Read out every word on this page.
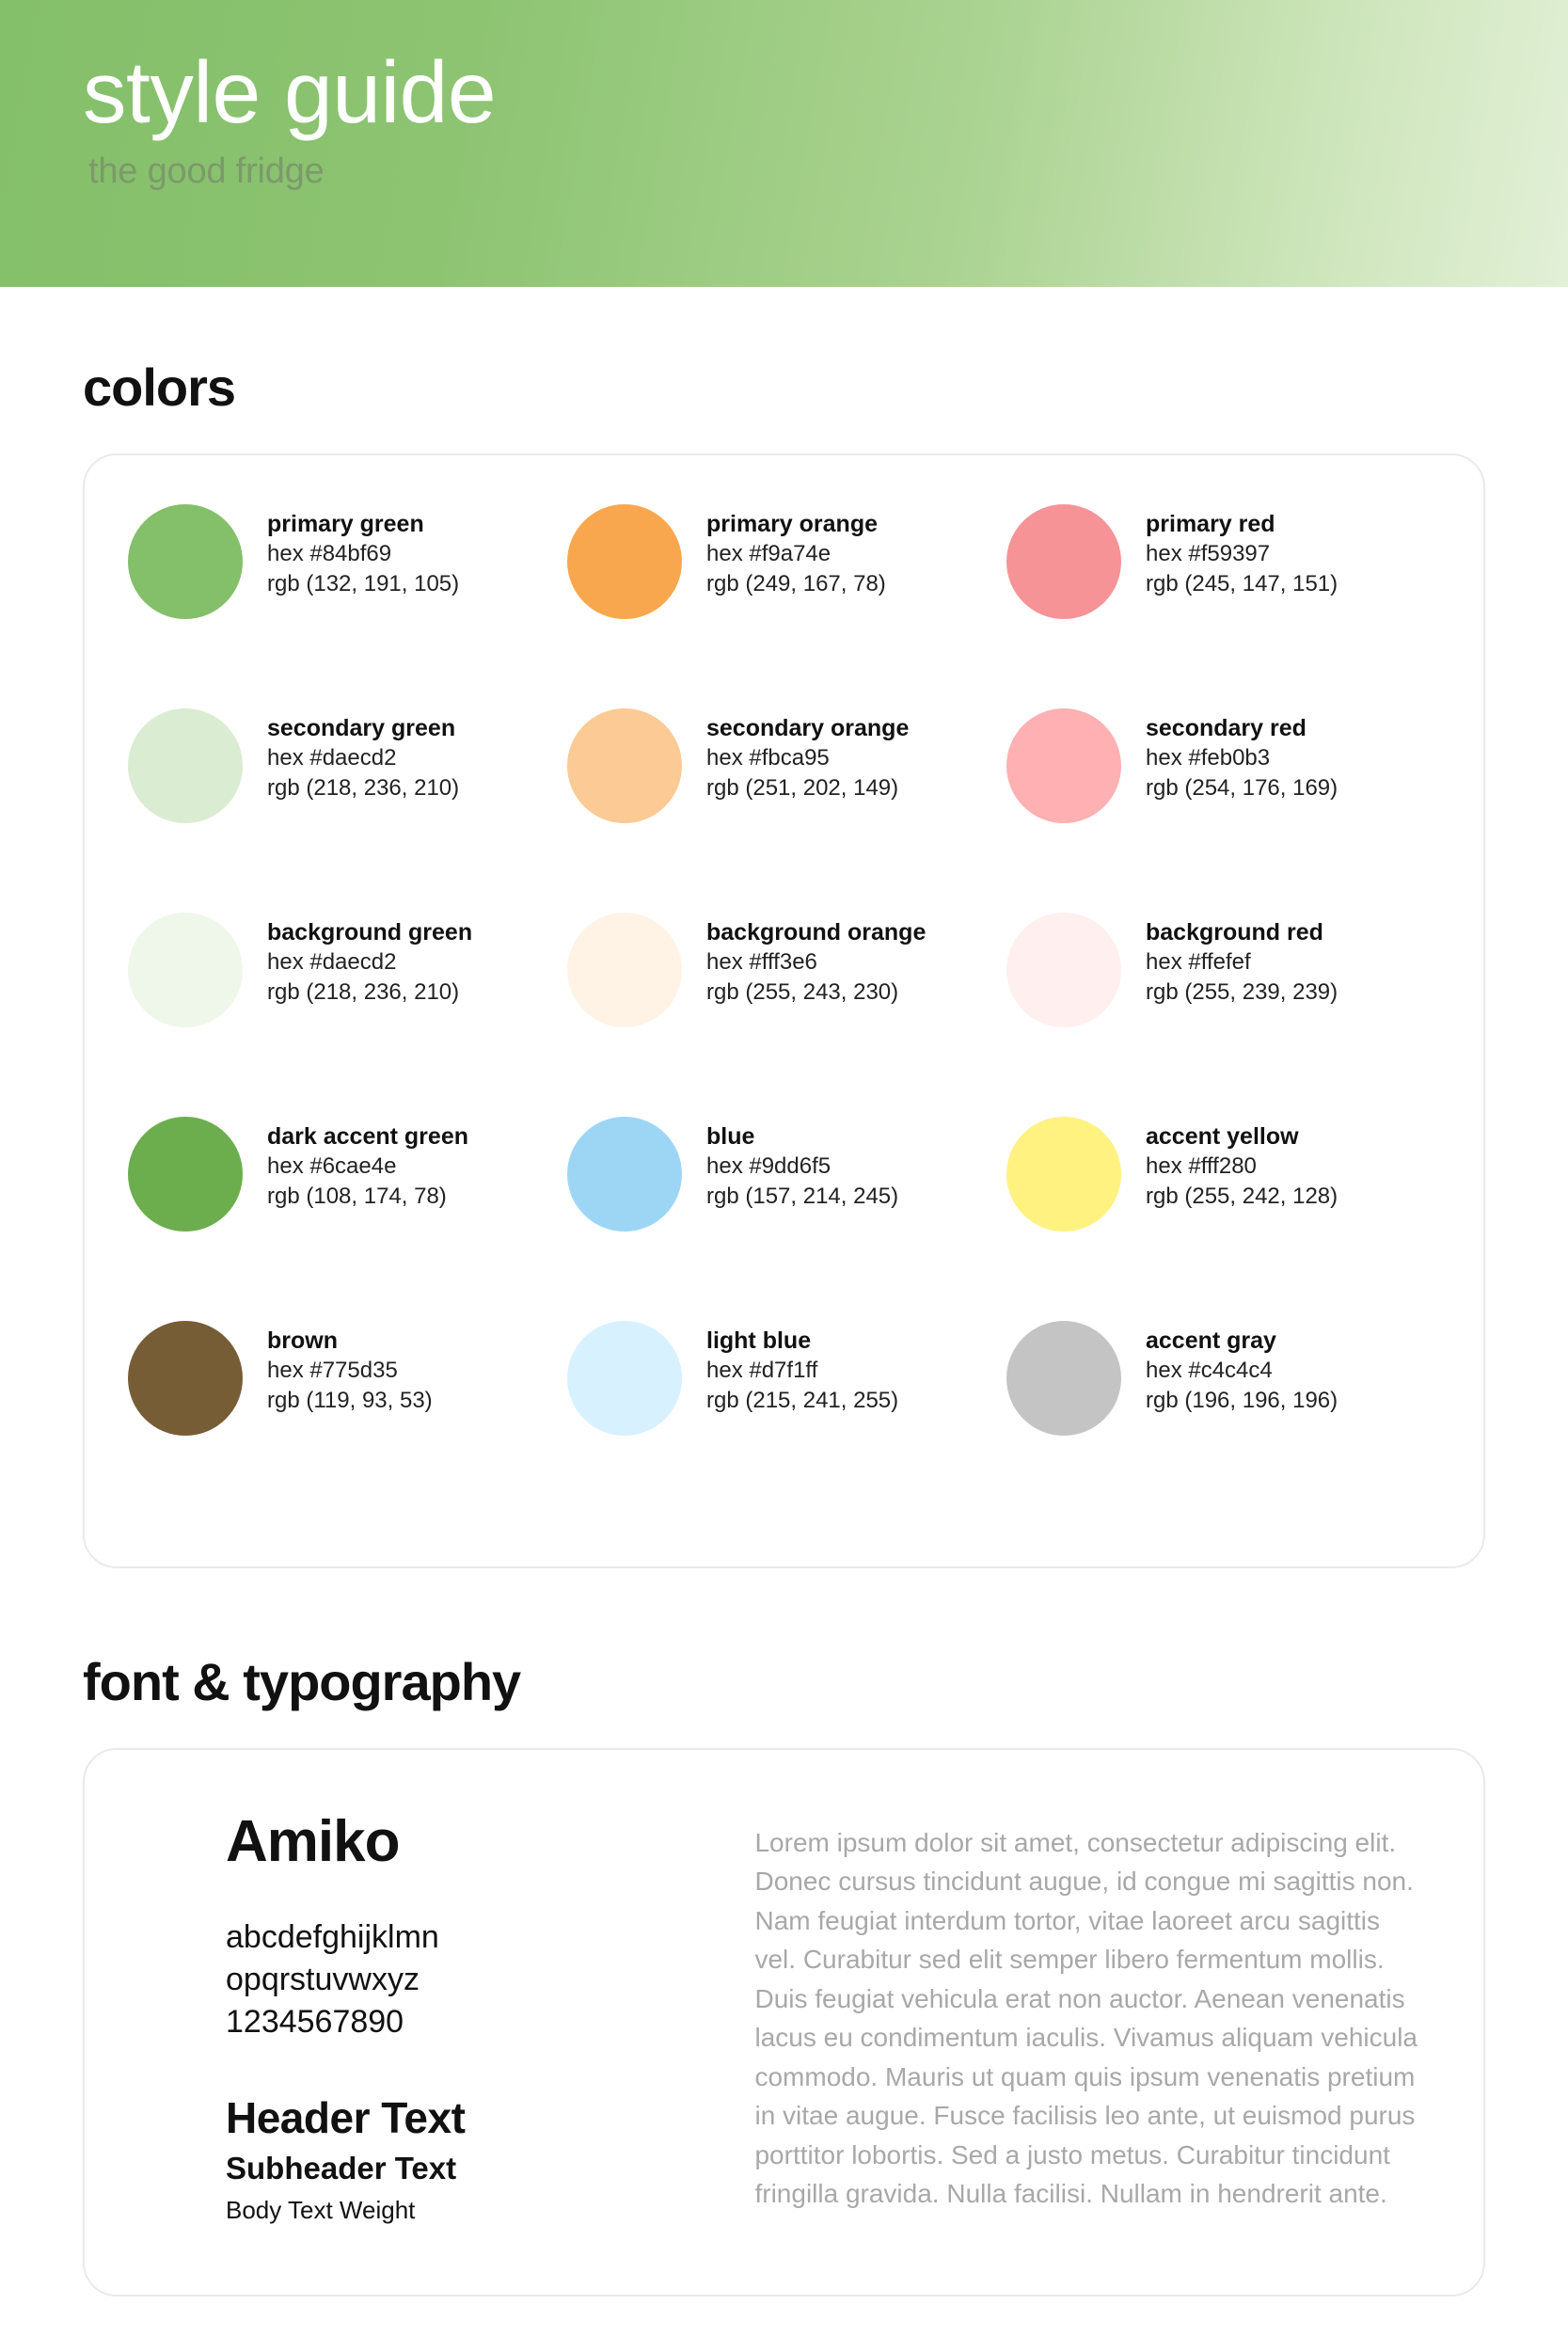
style guide
the good fridge
colors

primary green

hex #84bf69

rgb (132, 191, 105)

primary orange

hex #f9a74e

rgb (249, 167, 78)

primary red

hex #f59397

rgb (245, 147, 151)

secondary green

hex #daecd2

rgb (218, 236, 210)

secondary orange

hex #fbca95

rgb (251, 202, 149)

secondary red

hex #feb0b3

rgb (254, 176, 169)

background green

hex #daecd2

rgb (218, 236, 210)

background orange

hex #fff3e6

rgb (255, 243, 230)

background red

hex #ffefef

rgb (255, 239, 239)

dark accent green

hex #6cae4e

rgb (108, 174, 78)

blue

hex #9dd6f5

rgb (157, 214, 245)

accent yellow

hex #fff280

rgb (255, 242, 128)

brown

hex #775d35

rgb (119, 93, 53)

light blue

hex #d7f1ff

rgb (215, 241, 255)

accent gray

hex #c4c4c4

rgb (196, 196, 196)

font & typography
Amiko

abcdefghijklmn

opqrstuvwxyz

1234567890

Header Text

Subheader Text

Body Text Weight

Lorem ipsum dolor sit amet, consectetur adipiscing elit. Donec cursus tincidunt augue, id congue mi sagittis non. Nam feugiat interdum tortor, vitae laoreet arcu sagittis vel. Curabitur sed elit semper libero fermentum mollis. Duis feugiat vehicula erat non auctor. Aenean venenatis lacus eu condimentum iaculis. Vivamus aliquam vehicula commodo. Mauris ut quam quis ipsum venenatis pretium in vitae augue. Fusce facilisis leo ante, ut euismod purus porttitor lobortis. Sed a justo metus. Curabitur tincidunt fringilla gravida. Nulla facilisi. Nullam in hendrerit ante.
